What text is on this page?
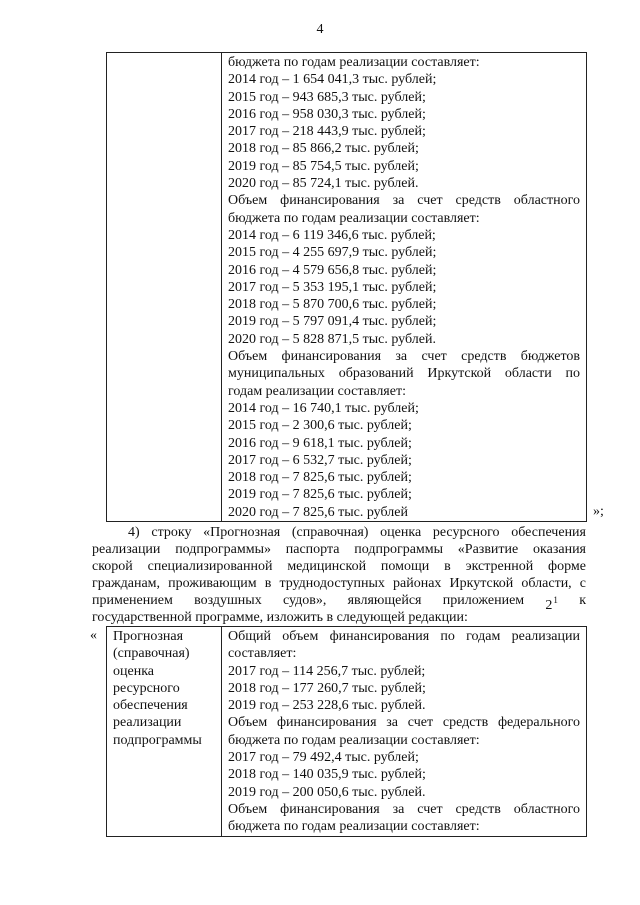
4

бюджета по годам реализации составляет:
2014 год – 1 654 041,3 тыс. рублей;
2015 год – 943 685,3 тыс. рублей;
2016 год – 958 030,3 тыс. рублей;
2017 год – 218 443,9 тыс. рублей;
2018 год – 85 866,2 тыс. рублей;
2019 год – 85 754,5 тыс. рублей;
2020 год – 85 724,1 тыс. рублей.
Объем финансирования за счет средств областного
бюджета по годам реализации составляет:
2014 год – 6 119 346,6 тыс. рублей;
2015 год – 4 255 697,9 тыс. рублей;
2016 год – 4 579 656,8 тыс. рублей;
2017 год – 5 353 195,1 тыс. рублей;
2018 год – 5 870 700,6 тыс. рублей;
2019 год – 5 797 091,4 тыс. рублей;
2020 год – 5 828 871,5 тыс. рублей.
Объем финансирования за счет средств бюджетов
муниципальных образований Иркутской области по
годам реализации составляет:
2014 год – 16 740,1 тыс. рублей;
2015 год – 2 300,6 тыс. рублей;
2016 год – 9 618,1 тыс. рублей;
2017 год – 6 532,7 тыс. рублей;
2018 год – 7 825,6 тыс. рублей;
2019 год – 7 825,6 тыс. рублей;
2020 год – 7 825,6 тыс. рублей	»;
4) строку «Прогнозная (справочная) оценка ресурсного обеспечения
реализации подпрограммы» паспорта подпрограммы «Развитие оказания
скорой специализированной медицинской помощи в экстренной форме
гражданам, проживающим в труднодоступных районах Иркутской области, с
применением воздушных судов», являющейся приложением $2^1$ к
государственной программе, изложить в следующей редакции:
« Прогнозная
(справочная)
оценка
ресурсного
обеспечения
реализации
подпрограммы

Общий объем финансирования по годам реализации
составляет:
2017 год – 114 256,7 тыс. рублей;
2018 год – 177 260,7 тыс. рублей;
2019 год – 253 228,6 тыс. рублей.
Объем финансирования за счет средств федерального
бюджета по годам реализации составляет:
2017 год – 79 492,4 тыс. рублей;
2018 год – 140 035,9 тыс. рублей;
2019 год – 200 050,6 тыс. рублей.
Объем финансирования за счет средств областного
бюджета по годам реализации составляет:
